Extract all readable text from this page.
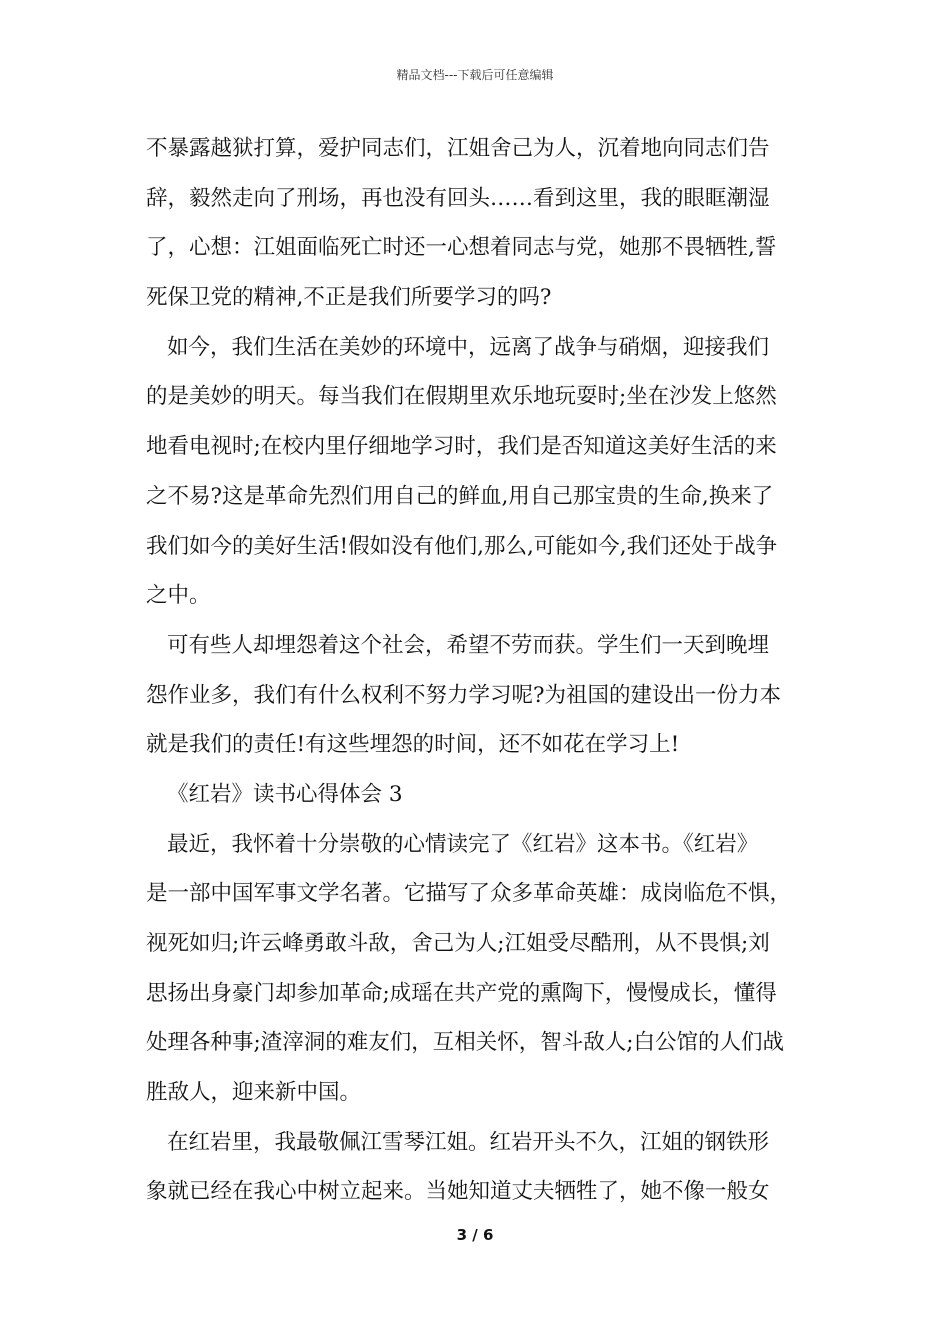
精品文档---下载后可任意编辑
不暴露越狱打算，爱护同志们，江姐舍己为人，沉着地向同志们告
辞，毅然走向了刑场，再也没有回头……看到这里，我的眼眶潮湿
了，心想：江姐面临死亡时还一心想着同志与党，她那不畏牺牲,誓
死保卫党的精神,不正是我们所要学习的吗?
如今，我们生活在美妙的环境中，远离了战争与硝烟，迎接我们
的是美妙的明天。每当我们在假期里欢乐地玩耍时;坐在沙发上悠然
地看电视时;在校内里仔细地学习时，我们是否知道这美好生活的来
之不易?这是革命先烈们用自己的鲜血,用自己那宝贵的生命,换来了
我们如今的美好生活!假如没有他们,那么,可能如今,我们还处于战争
之中。
可有些人却埋怨着这个社会，希望不劳而获。学生们一天到晚埋
怨作业多，我们有什么权利不努力学习呢?为祖国的建设出一份力本
就是我们的责任!有这些埋怨的时间，还不如花在学习上!
《红岩》读书心得体会 3
最近，我怀着十分崇敬的心情读完了《红岩》这本书。《红岩》
是一部中国军事文学名著。它描写了众多革命英雄：成岗临危不惧，
视死如归;许云峰勇敢斗敌，舍己为人;江姐受尽酷刑，从不畏惧;刘
思扬出身豪门却参加革命;成瑶在共产党的熏陶下，慢慢成长，懂得
处理各种事;渣滓洞的难友们，互相关怀，智斗敌人;白公馆的人们战
胜敌人，迎来新中国。
在红岩里，我最敬佩江雪琴江姐。红岩开头不久，江姐的钢铁形
象就已经在我心中树立起来。当她知道丈夫牺牲了，她不像一般女
3 / 6
